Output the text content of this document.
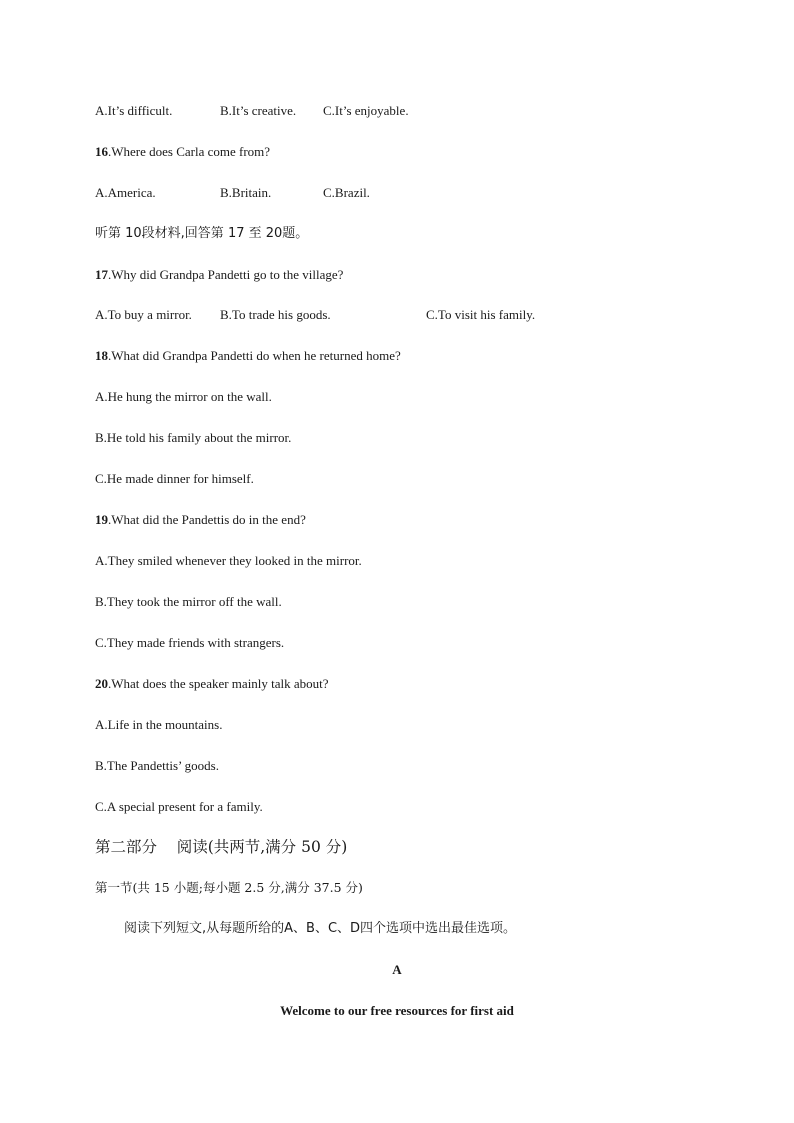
A.It’s difficult.	B.It’s creative. C.It’s enjoyable.
16.Where does Carla come from?
A.America.	B.Britain.	C.Brazil.
听第 10段材料,回答第 17 至 20题。
17.Why did Grandpa Pandetti go to the village?
A.To buy a mirror. B.To trade his goods.	C.To visit his family.
18.What did Grandpa Pandetti do when he returned home?
A.He hung the mirror on the wall.
B.He told his family about the mirror.
C.He made dinner for himself.
19.What did the Pandettis do in the end?
A.They smiled whenever they looked in the mirror.
B.They took the mirror off the wall.
C.They made friends with strangers.
20.What does the speaker mainly talk about?
A.Life in the mountains.
B.The Pandettis’ goods.
C.A special present for a family.
第二部分    阅读(共两节,满分 50 分)
第一节(共 15 小题;每小题 2.5 分,满分 37.5 分)
阅读下列短文,从每题所给的A、B、C、D四个选项中选出最佳选项。
A
Welcome to our free resources for first aid
